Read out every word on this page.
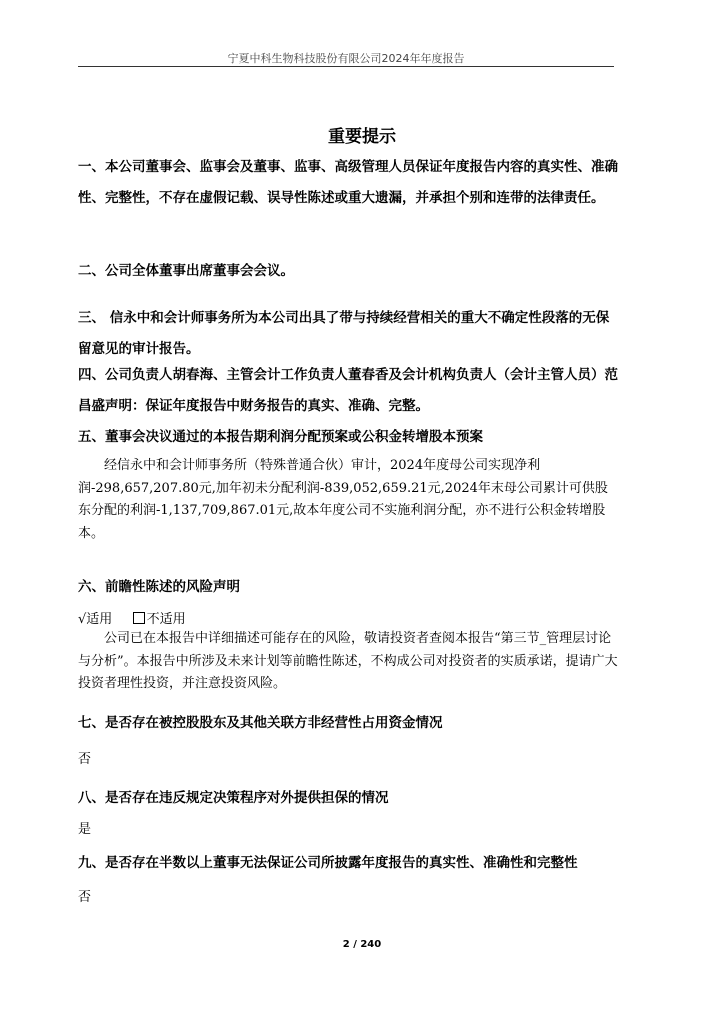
宁夏中科生物科技股份有限公司2024年年度报告
重要提示
一、本公司董事会、监事会及董事、监事、高级管理人员保证年度报告内容的真实性、准确性、完整性，不存在虚假记载、误导性陈述或重大遗漏，并承担个别和连带的法律责任。
二、公司全体董事出席董事会会议。
三、 信永中和会计师事务所为本公司出具了带与持续经营相关的重大不确定性段落的无保留意见的审计报告。
四、公司负责人胡春海、主管会计工作负责人董春香及会计机构负责人（会计主管人员）范昌盛声明：保证年度报告中财务报告的真实、准确、完整。
五、董事会决议通过的本报告期利润分配预案或公积金转增股本预案
经信永中和会计师事务所（特殊普通合伙）审计，2024年度母公司实现净利润-298,657,207.80元,加年初未分配利润-839,052,659.21元,2024年末母公司累计可供股东分配的利润-1,137,709,867.01元,故本年度公司不实施利润分配，亦不进行公积金转增股本。
六、前瞻性陈述的风险声明
√适用	不适用
公司已在本报告中详细描述可能存在的风险，敬请投资者查阅本报告“第三节_管理层讨论与分析”。本报告中所涉及未来计划等前瞻性陈述，不构成公司对投资者的实质承诺，提请广大投资者理性投资，并注意投资风险。
七、是否存在被控股股东及其他关联方非经营性占用资金情况
否
八、是否存在违反规定决策程序对外提供担保的情况
是
九、是否存在半数以上董事无法保证公司所披露年度报告的真实性、准确性和完整性
否
2 / 240
